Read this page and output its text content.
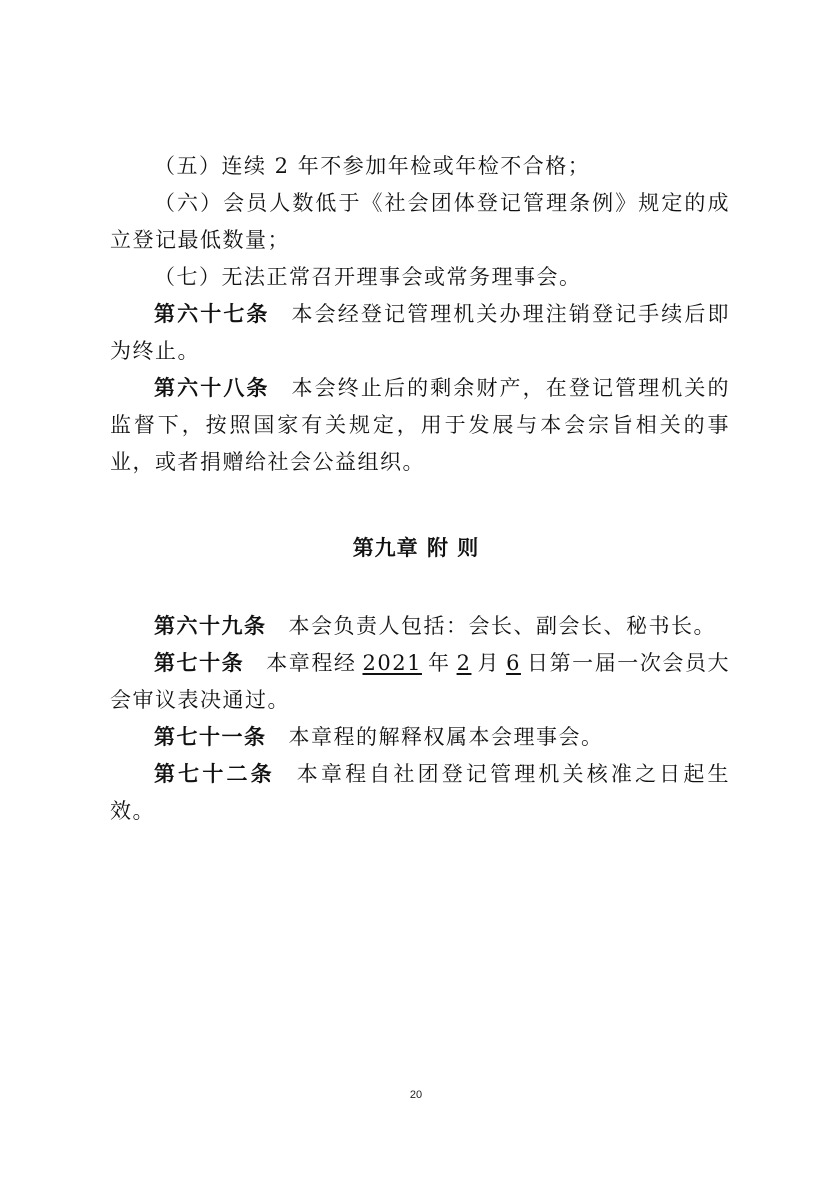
（五）连续 2 年不参加年检或年检不合格；

（六）会员人数低于《社会团体登记管理条例》规定的成立登记最低数量；

（七）无法正常召开理事会或常务理事会。

第六十七条 本会经登记管理机关办理注销登记手续后即为终止。

第六十八条 本会终止后的剩余财产，在登记管理机关的监督下，按照国家有关规定，用于发展与本会宗旨相关的事业，或者捐赠给社会公益组织。

第九章 附 则

第六十九条 本会负责人包括：会长、副会长、秘书长。

第七十条 本章程经 2021 年 2 月 6 日第一届一次会员大会审议表决通过。

第七十一条 本章程的解释权属本会理事会。

第七十二条 本章程自社团登记管理机关核准之日起生效。

20
